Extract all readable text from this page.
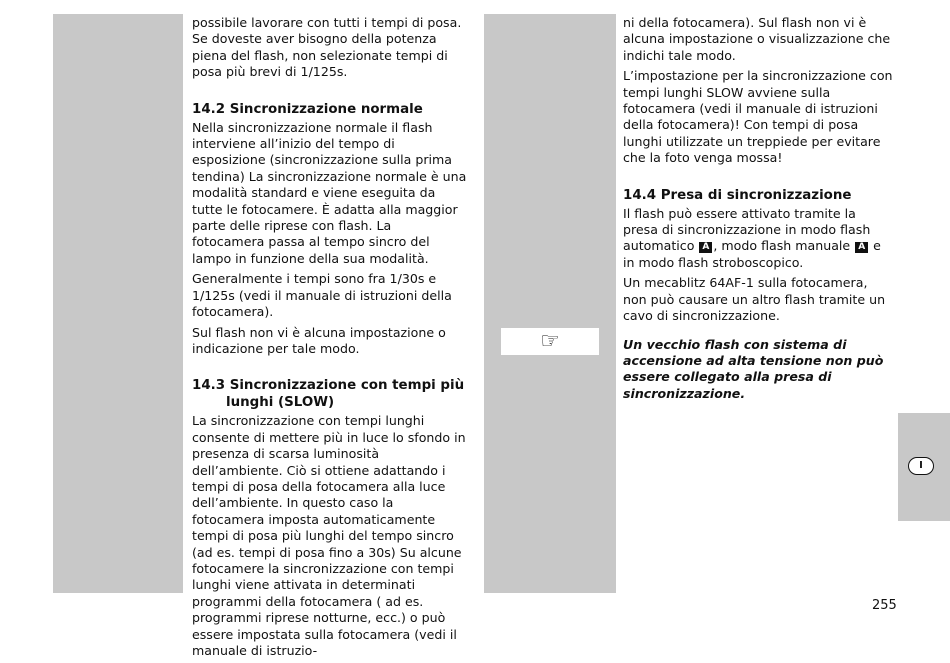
possibile lavorare con tutti i tempi di posa. Se doveste aver bisogno della potenza piena del flash, non selezionate tempi di posa più brevi di 1/125s.

14.2 Sincronizzazione normale

Nella sincronizzazione normale il flash interviene all’inizio del tempo di esposizione (sincronizzazione sulla prima tendina) La sincronizzazione normale è una modalità standard e viene eseguita da tutte le fotocamere. È adatta alla maggior parte delle riprese con flash. La fotocamera passa al tempo sincro del lampo in funzione della sua modalità.

Generalmente i tempi sono fra 1/30s e 1/125s (vedi il manuale di istruzioni della fotocamera).

Sul flash non vi è alcuna impostazione o indicazione per tale modo.

14.3 Sincronizzazione con tempi più lunghi (SLOW)

La sincronizzazione con tempi lunghi consente di mettere più in luce lo sfondo in presenza di scarsa luminosità dell’ambiente. Ciò si ottiene adattando i tempi di posa della fotocamera alla luce dell’ambiente. In questo caso la fotocamera imposta automaticamente tempi di posa più lunghi del tempo sincro (ad es. tempi di posa fino a 30s) Su alcune fotocamere la sincronizzazione con tempi lunghi viene attivata in determinati programmi della fotocamera ( ad es. programmi riprese notturne, ecc.) o può essere impostata sulla fotocamera (vedi il manuale di istruzio-

☞

ni della fotocamera). Sul flash non vi è alcuna impostazione o visualizzazione che indichi tale modo.

L’impostazione per la sincronizzazione con tempi lunghi SLOW avviene sulla fotocamera (vedi il manuale di istruzioni della fotocamera)! Con tempi di posa lunghi utilizzate un treppiede per evitare che la foto venga mossa!

14.4 Presa di sincronizzazione

Il flash può essere attivato tramite la presa di sincronizzazione in modo flash automatico A , modo flash manuale A e in modo flash stroboscopico.

Un mecablitz 64AF-1 sulla fotocamera, non può causare un altro flash tramite un cavo di sincronizzazione.

Un vecchio flash con sistema di accensione ad alta tensione non può essere collegato alla presa di sincronizzazione.

I
255
